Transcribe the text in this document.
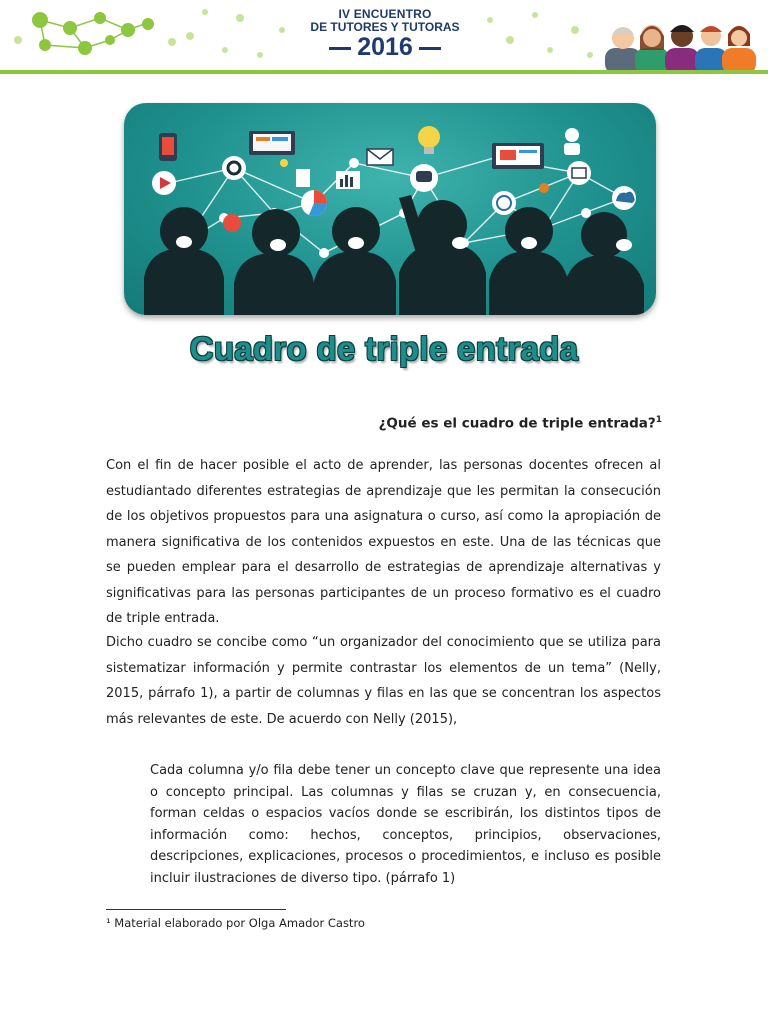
IV ENCUENTRO
DE TUTORES Y TUTORAS
2016
Cuadro de triple entrada
¿Qué es el cuadro de triple entrada?$^1$

Con el fin de hacer posible el acto de aprender, las personas docentes ofrecen al estudiantado diferentes estrategias de aprendizaje que les permitan la consecución de los objetivos propuestos para una asignatura o curso, así como la apropiación de manera significativa de los contenidos expuestos en este. Una de las técnicas que se pueden emplear para el desarrollo de estrategias de aprendizaje alternativas y significativas para las personas participantes de un proceso formativo es el cuadro de triple entrada.

Dicho cuadro se concibe como “un organizador del conocimiento que se utiliza para sistematizar información y permite contrastar los elementos de un tema” (Nelly, 2015, párrafo 1), a partir de columnas y filas en las que se concentran los aspectos más relevantes de este. De acuerdo con Nelly (2015),

Cada columna y/o fila debe tener un concepto clave que represente una idea o concepto principal. Las columnas y filas se cruzan y, en consecuencia, forman celdas o espacios vacíos donde se escribirán, los distintos tipos de información como: hechos, conceptos, principios, observaciones, descripciones, explicaciones, procesos o procedimientos, e incluso es posible incluir ilustraciones de diverso tipo. (párrafo 1)

¹ Material elaborado por Olga Amador Castro
